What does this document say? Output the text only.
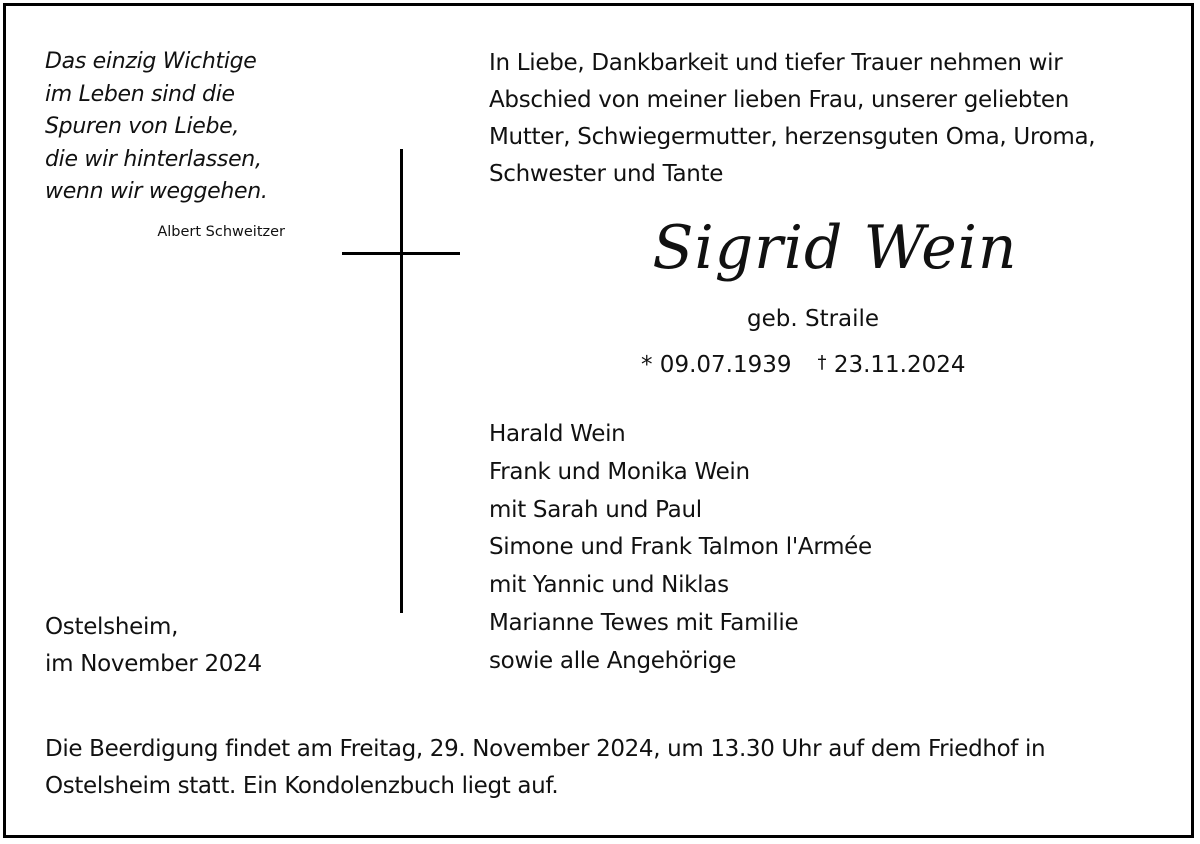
Das einzig Wichtige
im Leben sind die
Spuren von Liebe,
die wir hinterlassen,
wenn wir weggehen.
Albert Schweitzer
In Liebe, Dankbarkeit und tiefer Trauer nehmen wir
Abschied von meiner lieben Frau, unserer geliebten
Mutter, Schwiegermutter, herzensguten Oma, Uroma,
Schwester und Tante
Sigrid Wein
geb. Straile
* 09.07.1939 † 23.11.2024
Harald Wein
Frank und Monika Wein
mit Sarah und Paul
Simone und Frank Talmon l'Armée
mit Yannic und Niklas
Marianne Tewes mit Familie
sowie alle Angehörige
Ostelsheim,
im November 2024
Die Beerdigung findet am Freitag, 29. November 2024, um 13.30 Uhr auf dem Friedhof in
Ostelsheim statt. Ein Kondolenzbuch liegt auf.
